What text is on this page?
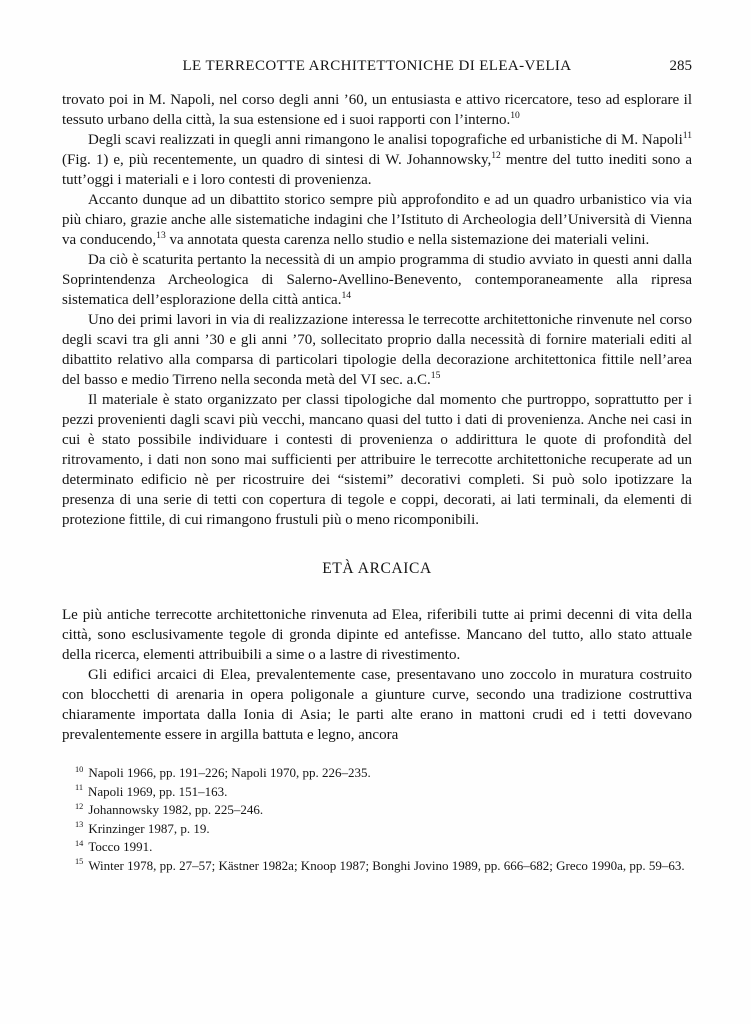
LE TERRECOTTE ARCHITETTONICHE DI ELEA-VELIA	285

trovato poi in M. Napoli, nel corso degli anni ’60, un entusiasta e attivo ricercatore, teso ad esplorare il tessuto urbano della città, la sua estensione ed i suoi rapporti con l’interno.$^{10}$

Degli scavi realizzati in quegli anni rimangono le analisi topografiche ed urbanistiche di M. Napoli$^{11}$ (Fig. 1) e, più recentemente, un quadro di sintesi di W. Johannowsky,$^{12}$ mentre del tutto inediti sono a tutt’oggi i materiali e i loro contesti di provenienza.

Accanto dunque ad un dibattito storico sempre più approfondito e ad un quadro urbanistico via via più chiaro, grazie anche alle sistematiche indagini che l’Istituto di Archeologia dell’Università di Vienna va conducendo,$^{13}$ va annotata questa carenza nello studio e nella sistemazione dei materiali velini.

Da ciò è scaturita pertanto la necessità di un ampio programma di studio avviato in questi anni dalla Soprintendenza Archeologica di Salerno-Avellino-Benevento, contemporaneamente alla ripresa sistematica dell’esplorazione della città antica.$^{14}$

Uno dei primi lavori in via di realizzazione interessa le terrecotte architettoniche rinvenute nel corso degli scavi tra gli anni ’30 e gli anni ’70, sollecitato proprio dalla necessità di fornire materiali editi al dibattito relativo alla comparsa di particolari tipologie della decorazione architettonica fittile nell’area del basso e medio Tirreno nella seconda metà del VI sec. a.C.$^{15}$

Il materiale è stato organizzato per classi tipologiche dal momento che purtroppo, soprattutto per i pezzi provenienti dagli scavi più vecchi, mancano quasi del tutto i dati di provenienza. Anche nei casi in cui è stato possibile individuare i contesti di provenienza o addirittura le quote di profondità del ritrovamento, i dati non sono mai sufficienti per attribuire le terrecotte architettoniche recuperate ad un determinato edificio nè per ricostruire dei “sistemi” decorativi completi. Si può solo ipotizzare la presenza di una serie di tetti con copertura di tegole e coppi, decorati, ai lati terminali, da elementi di protezione fittile, di cui rimangono frustuli più o meno ricomponibili.

ETÀ ARCAICA

Le più antiche terrecotte architettoniche rinvenuta ad Elea, riferibili tutte ai primi decenni di vita della città, sono esclusivamente tegole di gronda dipinte ed antefisse. Mancano del tutto, allo stato attuale della ricerca, elementi attribuibili a sime o a lastre di rivestimento.

Gli edifici arcaici di Elea, prevalentemente case, presentavano uno zoccolo in muratura costruito con blocchetti di arenaria in opera poligonale a giunture curve, secondo una tradizione costruttiva chiaramente importata dalla Ionia di Asia; le parti alte erano in mattoni crudi ed i tetti dovevano prevalentemente essere in argilla battuta e legno, ancora

$^{10}$ Napoli 1966, pp. 191–226; Napoli 1970, pp. 226–235.

$^{11}$ Napoli 1969, pp. 151–163.

$^{12}$ Johannowsky 1982, pp. 225–246.

$^{13}$ Krinzinger 1987, p. 19.

$^{14}$ Tocco 1991.

$^{15}$ Winter 1978, pp. 27–57; Kästner 1982a; Knoop 1987; Bonghi Jovino 1989, pp. 666–682; Greco 1990a, pp. 59–63.
